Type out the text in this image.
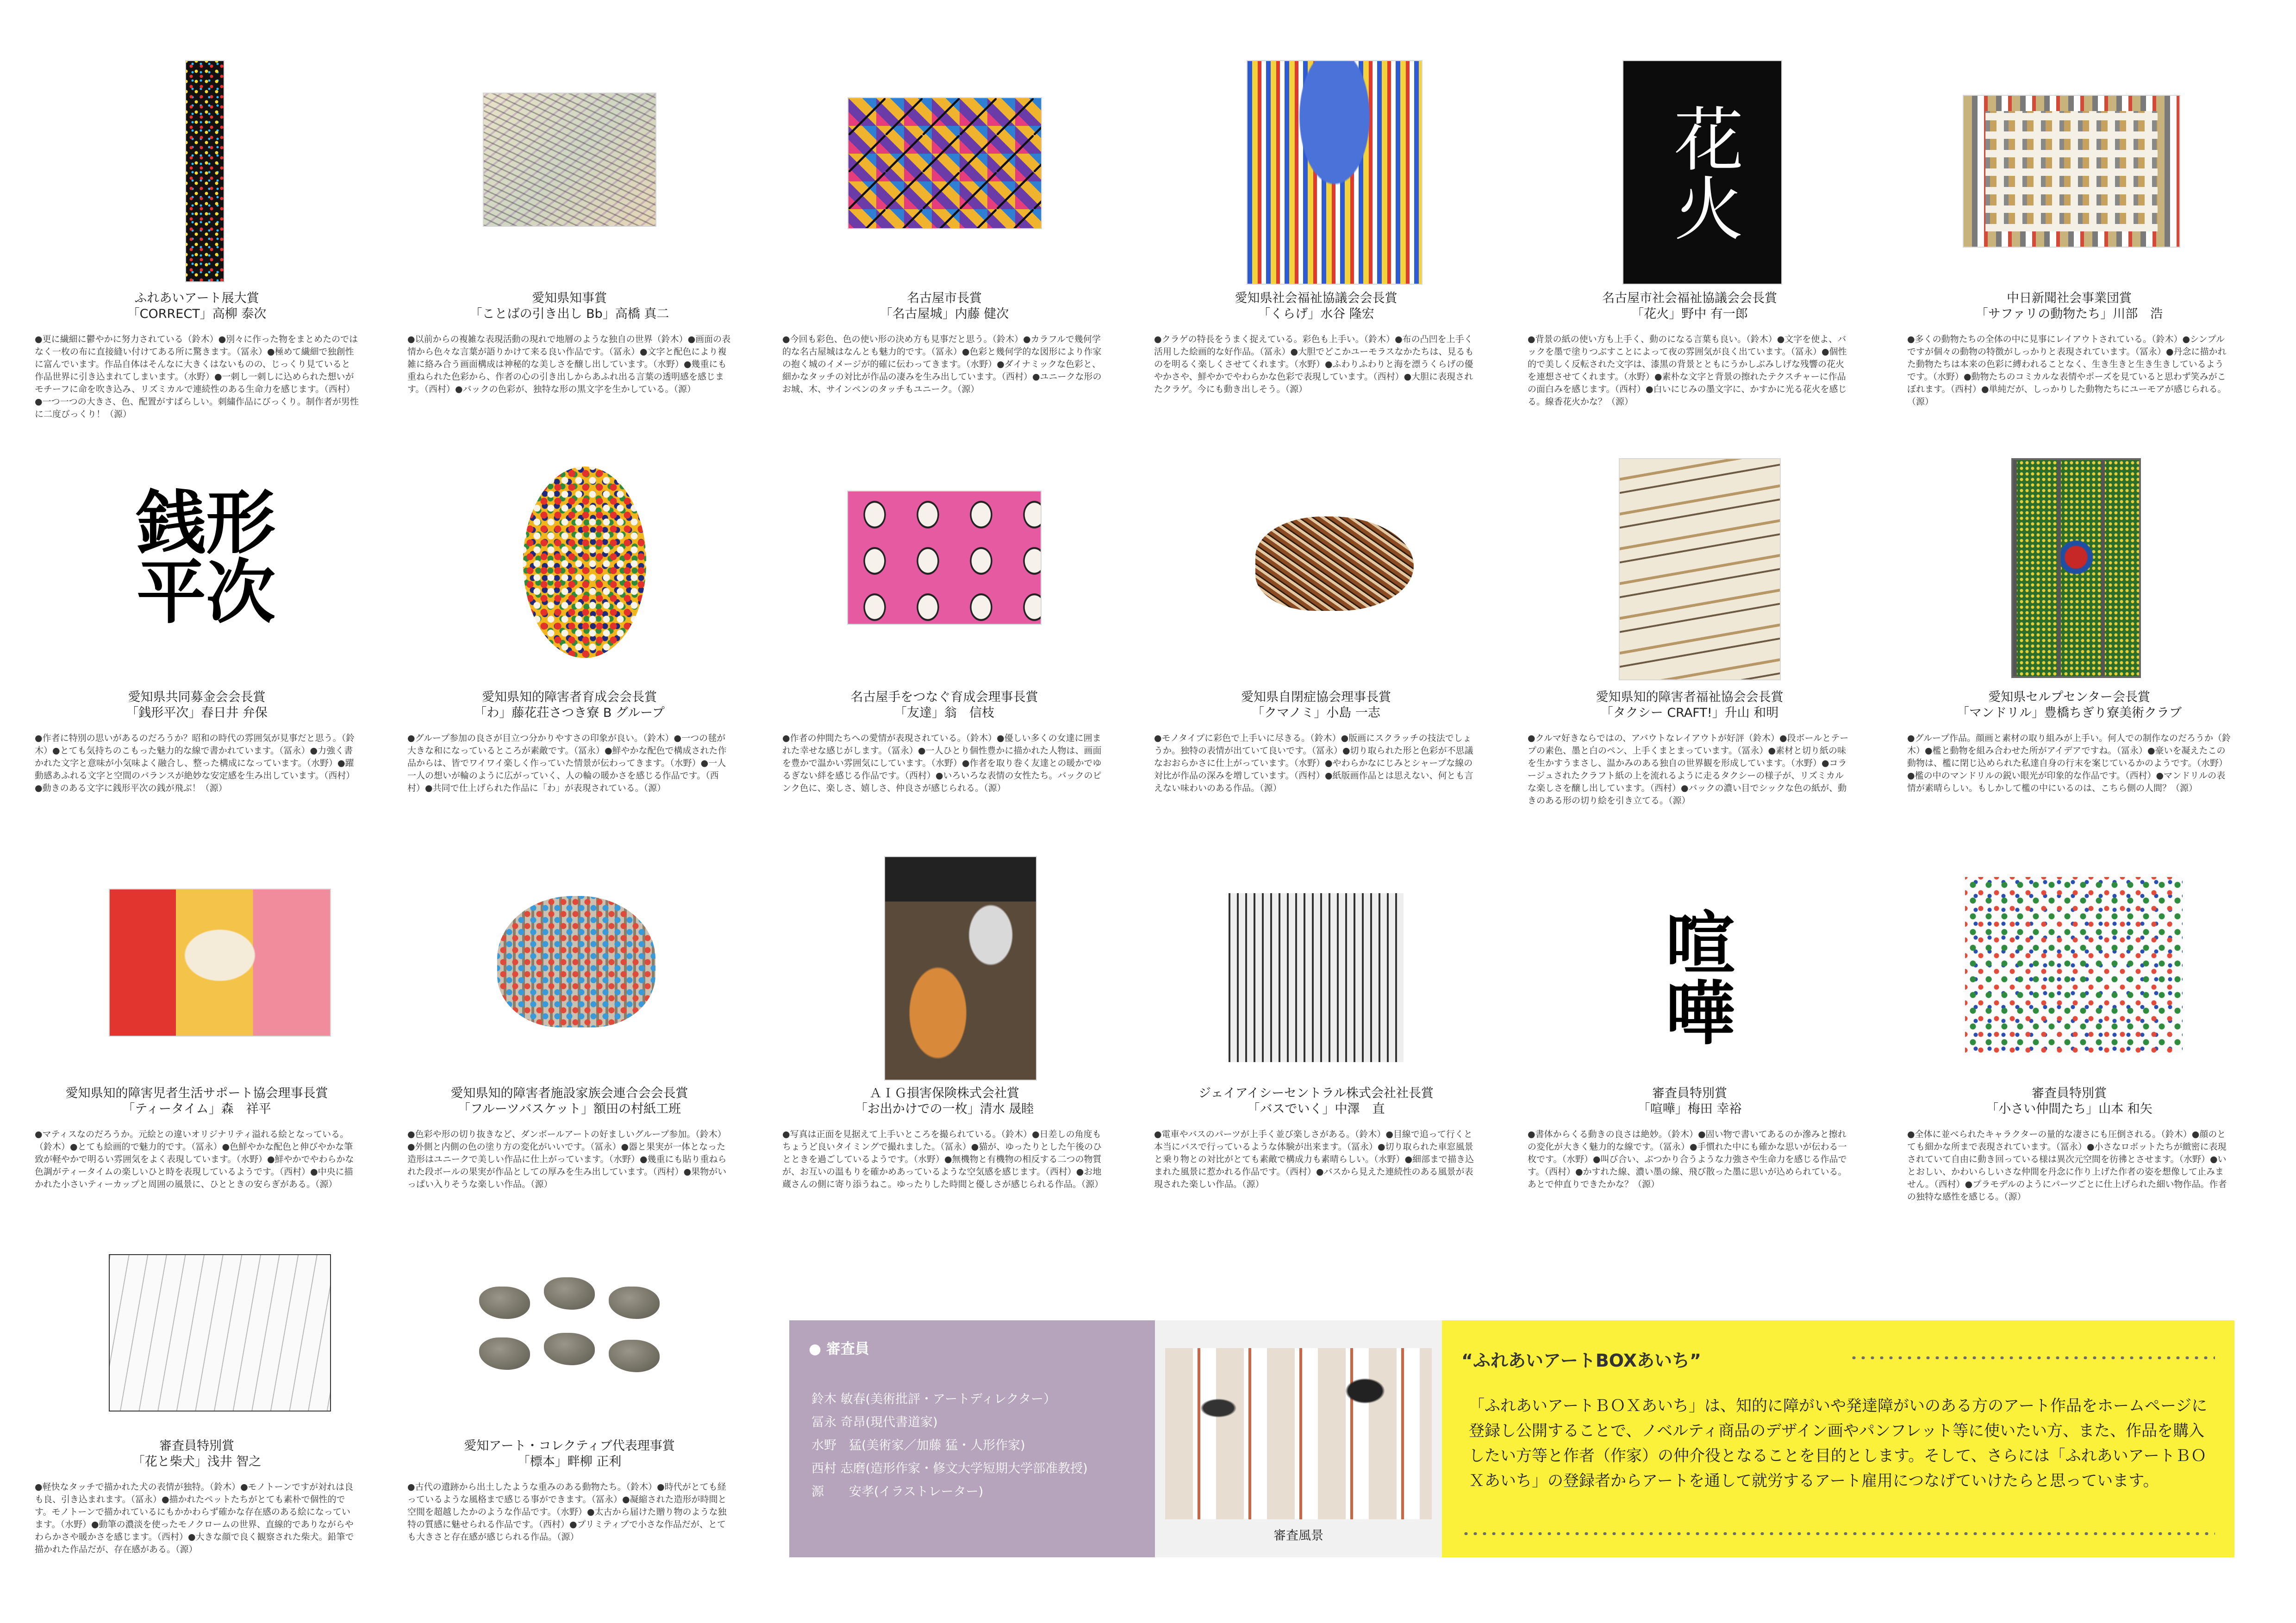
ふれあいアート展大賞
「CORRECT」高柳 泰次
●更に繊細に鬱やかに努力されている（鈴木）●別々に作った物をまとめたのではなく一枚の布に直接縫い付けてある所に驚きます。（冨永）●極めて繊細で独創性に富んでいます。作品自体はそんなに大きくはないものの、じっくり見ていると作品世界に引き込まれてしまいます。（水野）●一刺し一刺しに込められた想いがモチーフに命を吹き込み、リズミカルで連続性のある生命力を感じます。（西村）●一つ一つの大きさ、色、配置がすばらしい。刺繍作品にびっくり。制作者が男性に二度びっくり！（源）
愛知県知事賞
「ことばの引き出し Bb」高橋 真二
●以前からの複雑な表現活動の現れで地層のような独自の世界（鈴木）●画面の表情から色々な言葉が語りかけて来る良い作品です。（冨永）●文字と配色により複雑に絡み合う画面構成は神秘的な美しさを醸し出しています。（水野）●幾重にも重ねられた色彩から、作者の心の引き出しからあふれ出る言葉の透明感を感じます。（西村）●バックの色彩が、独特な形の黒文字を生かしている。（源）
名古屋市長賞
「名古屋城」内藤 健次
●今回も彩色、色の使い形の決め方も見事だと思う。（鈴木）●カラフルで幾何学的な名古屋城はなんとも魅力的です。（冨永）●色彩と幾何学的な図形により作家の抱く城のイメージが的確に伝わってきます。（水野）●ダイナミックな色彩と、細かなタッチの対比が作品の凄みを生み出しています。（西村）●ユニークな形のお城、木、サインペンのタッチもユニーク。（源）
愛知県社会福祉協議会会長賞
「くらげ」水谷 隆宏
●クラゲの特長をうまく捉えている。彩色も上手い。（鈴木）●布の凸凹を上手く活用した絵画的な好作品。（冨永）●大胆でどこかユーモラスなかたちは、見るものを明るく楽しくさせてくれます。（水野）●ふわりふわりと海を漂うくらげの優やかさや、鮮やかでやわらかな色彩で表現しています。（西村）●大胆に表現されたクラゲ。今にも動き出しそう。（源）
花火
名古屋市社会福祉協議会会長賞
「花火」野中 有一郎
●背景の紙の使い方も上手く、動のになる言葉も良い。（鈴木）●文字を使よ、バックを墨で塗りつぶすことによって夜の雰囲気が良く出ています。（冨永）●個性的で美しく反転された文字は、漆黒の背景とともにうかしぶみしげな残響の花火を連想させてくれます。（水野）●素朴な文字と背景の擦れたテクスチャーに作品の面白みを感じます。（西村）●白いにじみの墨文字に、かすかに光る花火を感じる。線香花火かな？（源）
中日新聞社会事業団賞
「サファリの動物たち」川部　浩
●多くの動物たちの全体の中に見事にレイアウトされている。（鈴木）●シンプルですが個々の動物の特徴がしっかりと表現されています。（冨永）●丹念に描かれた動物たちは本来の色彩に縛われることなく、生き生きと生き生きしているようです。（水野）●動物たちのコミカルな表情やポーズを見ていると思わず笑みがこぼれます。（西村）●単純だが、しっかりした動物たちにユーモアが感じられる。（源）
銭形
平次
愛知県共同募金会会長賞
「銭形平次」春日井 弁保
●作者に特別の思いがあるのだろうか？昭和の時代の雰囲気が見事だと思う。（鈴木）●とても気持ちのこもった魅力的な線で書かれています。（冨永）●力強く書かれた文字と意味が小気味よく融合し、整った構成になっています。（水野）●躍動感あふれる文字と空間のバランスが絶妙な安定感を生み出しています。（西村）●動きのある文字に銭形平次の銭が飛ぶ！（源）
愛知県知的障害者育成会会長賞
「わ」藤花荘さつき寮 B グループ
●グループ参加の良さが目立つ分かりやすさの印象が良い。（鈴木）●一つの毬が大きな和になっているところが素敵です。（冨永）●鮮やかな配色で構成された作品からは、皆でワイワイ楽しく作っていた情景が伝わってきます。（水野）●一人一人の想いが輪のように広がっていく、人の輪の暖かさを感じる作品です。（西村）●共同で仕上げられた作品に「わ」が表現されている。（源）
名古屋手をつなぐ育成会理事長賞
「友達」翁　信枝
●作者の仲間たちへの愛情が表現されている。（鈴木）●優しい多くの女達に囲まれた幸せな感じがします。（冨永）●一人ひとり個性豊かに描かれた人物は、画面を豊かで温かい雰囲気にしています。（水野）●作者を取り巻く友達との暖かでゆるぎない絆を感じる作品です。（西村）●いろいろな表情の女性たち。バックのピンク色に、楽しさ、嬉しさ、仲良さが感じられる。（源）
愛知県自閉症協会理事長賞
「クマノミ」小島 一志
●モノタイプに彩色で上手いに尽きる。（鈴木）●版画にスクラッチの技法でしょうか。独特の表情が出ていて良いです。（冨永）●切り取られた形と色彩が不思議なおおらかさに仕上がっています。（水野）●やわらかなにじみとシャープな線の対比が作品の深みを増しています。（西村）●紙版画作品とは思えない、何とも言えない味わいのある作品。（源）
愛知県知的障害者福祉協会会長賞
「タクシー CRAFT!」升山 和明
●クルマ好きならではの、アバウトなレイアウトが好評（鈴木）●段ボールとテープの素色、墨と白のペン、上手くまとまっています。（冨永）●素材と切り紙の味を生かすうまさし、温かみのある独自の世界観を形成しています。（水野）●コラージュされたクラフト紙の上を流れるように走るタクシーの様子が、リズミカルな楽しさを醸し出しています。（西村）●バックの濃い目でシックな色の紙が、動きのある形の切り絵を引き立てる。（源）
愛知県セルプセンター会長賞
「マンドリル」豊橋ちぎり寮美術クラブ
●グループ作品。顔画と素材の取り組みが上手い。何人での制作なのだろうか（鈴木）●檻と動物を組み合わせた所がアイデアですね。（冨永）●豪いを凝えたこの動物は、檻に閉じ込められた私達自身の行末を案じているかのようです。（水野）●檻の中のマンドリルの鋭い眼光が印象的な作品です。（西村）●マンドリルの表情が素晴らしい。もしかして檻の中にいるのは、こちら側の人間？（源）
愛知県知的障害児者生活サポート協会理事長賞
「ティータイム」森　祥平
●マティスなのだろうか。元絵との違いオリジナリティ溢れる絵となっている。（鈴木）●とても絵画的で魅力的です。（冨永）●色鮮やかな配色と伸びやかな筆致が軽やかで明るい雰囲気をよく表現しています。（水野）●鮮やかでやわらかな色調がティータイムの楽しいひと時を表現しているようです。（西村）●中央に描かれた小さいティーカップと周囲の風景に、ひとときの安らぎがある。（源）
愛知県知的障害者施設家族会連合会会長賞
「フルーツバスケット」額田の村紙工班
●色彩や形の切り抜きなど、ダンボールアートの好ましいグループ参加。（鈴木）●外側と内側の色の塗り方の変化がいいです。（冨永）●器と果実が一体となった造形はユニークで美しい作品に仕上がっています。（水野）●幾重にも貼り重ねられた段ボールの果実が作品としての厚みを生み出しています。（西村）●果物がいっぱい入りそうな楽しい作品。（源）
ＡＩＧ損害保険株式会社賞
「お出かけでの一枚」清水 晟睦
●写真は正面を見据えて上手いところを撮られている。（鈴木）●日差しの角度もちょうど良いタイミングで撮れました。（冨永）●猫が、ゆったりとした午後のひとときを過ごしているようです。（水野）●無機物と有機物の相反する二つの物質が、お互いの温もりを確かめあっているような空気感を感じます。（西村）●お地蔵さんの側に寄り添うねこ。ゆったりした時間と優しさが感じられる作品。（源）
ジェイアイシーセントラル株式会社社長賞
「バスでいく」中澤　直
●電車やバスのパーツが上手く並び楽しさがある。（鈴木）●目線で追って行くと本当にバスで行っているような体験が出来ます。（冨永）●切り取られた車窓風景と乗り物との対比がとても素敵で構成力も素晴らしい。（水野）●細部まで描き込まれた風景に惹かれる作品です。（西村）●バスから見えた連続性のある風景が表現された楽しい作品。（源）
喧嘩
審査員特別賞
「喧嘩」梅田 幸裕
●書体からくる動きの良さは絶妙。（鈴木）●固い物で書いてあるのか滲みと擦れの変化が大きく魅力的な線です。（冨永）●手慣れた中にも確かな思いが伝わる一枚です。（水野）●叫び合い、ぶつかり合うような力強さや生命力を感じる作品です。（西村）●かすれた線、濃い墨の線、飛び散った墨に思いが込められている。あとで仲直りできたかな？（源）
審査員特別賞
「小さい仲間たち」山本 和矢
●全体に並べられたキャラクターの量的な凄さにも圧倒される。（鈴木）●顔のとても細かな所まで表現されています。（冨永）●小さなロボットたちが緻密に表現されていて自由に動き回っている様は異次元空間を彷彿とさせます。（水野）●いとおしい、かわいらしいさな仲間を丹念に作り上げた作者の姿を想像して止みません。（西村）●プラモデルのようにパーツごとに仕上げられた細い物作品。作者の独特な感性を感じる。（源）
審査員特別賞
「花と柴犬」浅井 智之
●軽快なタッチで描かれた犬の表情が独特。（鈴木）●モノトーンですが対れは良も良、引き込まれます。（冨永）●描かれたペットたちがとても素朴で個性的です。モノトーンで描かれているにもかかわらず確かな存在感のある絵になっています。（水野）●動筆の濃淡を使ったモノクロームの世界、直線的でありながらやわらかさや暖かさを感じます。（西村）●大きな顔で良く観察された柴犬。鉛筆で描かれた作品だが、存在感がある。（源）
愛知アート・コレクティブ代表理事賞
「標本」畔柳 正利
●古代の遺跡から出土したような重みのある動物たち。（鈴木）●時代がとても経っているような風格まで感じる事ができます。（冨永）●凝縮された造形が時間と空間を超越したかのような作品です。（水野）●太古から届けた贈り物のような独特の質感に魅せられる作品です。（西村）●プリミティブで小さな作品だが、とても大きさと存在感が感じられる作品。（源）
● 審査員
鈴木 敏春(美術批評・アートディレクター）
冨永 奇昂(現代書道家)
水野　猛(美術家／加藤 猛・人形作家)
西村 志磨(造形作家・修文大学短期大学部准教授)
源　　安孝(イラストレーター)
審査風景
“ふれあいアートBOXあいち”
「ふれあいアートＢＯＸあいち」は、知的に障がいや発達障がいのある方のアート作品をホームページに登録し公開することで、ノベルティ商品のデザイン画やパンフレット等に使いたい方、また、作品を購入したい方等と作者（作家）の仲介役となることを目的とします。そして、さらには「ふれあいアートＢＯＸあいち」の登録者からアートを通して就労するアート雇用につなげていけたらと思っています。
